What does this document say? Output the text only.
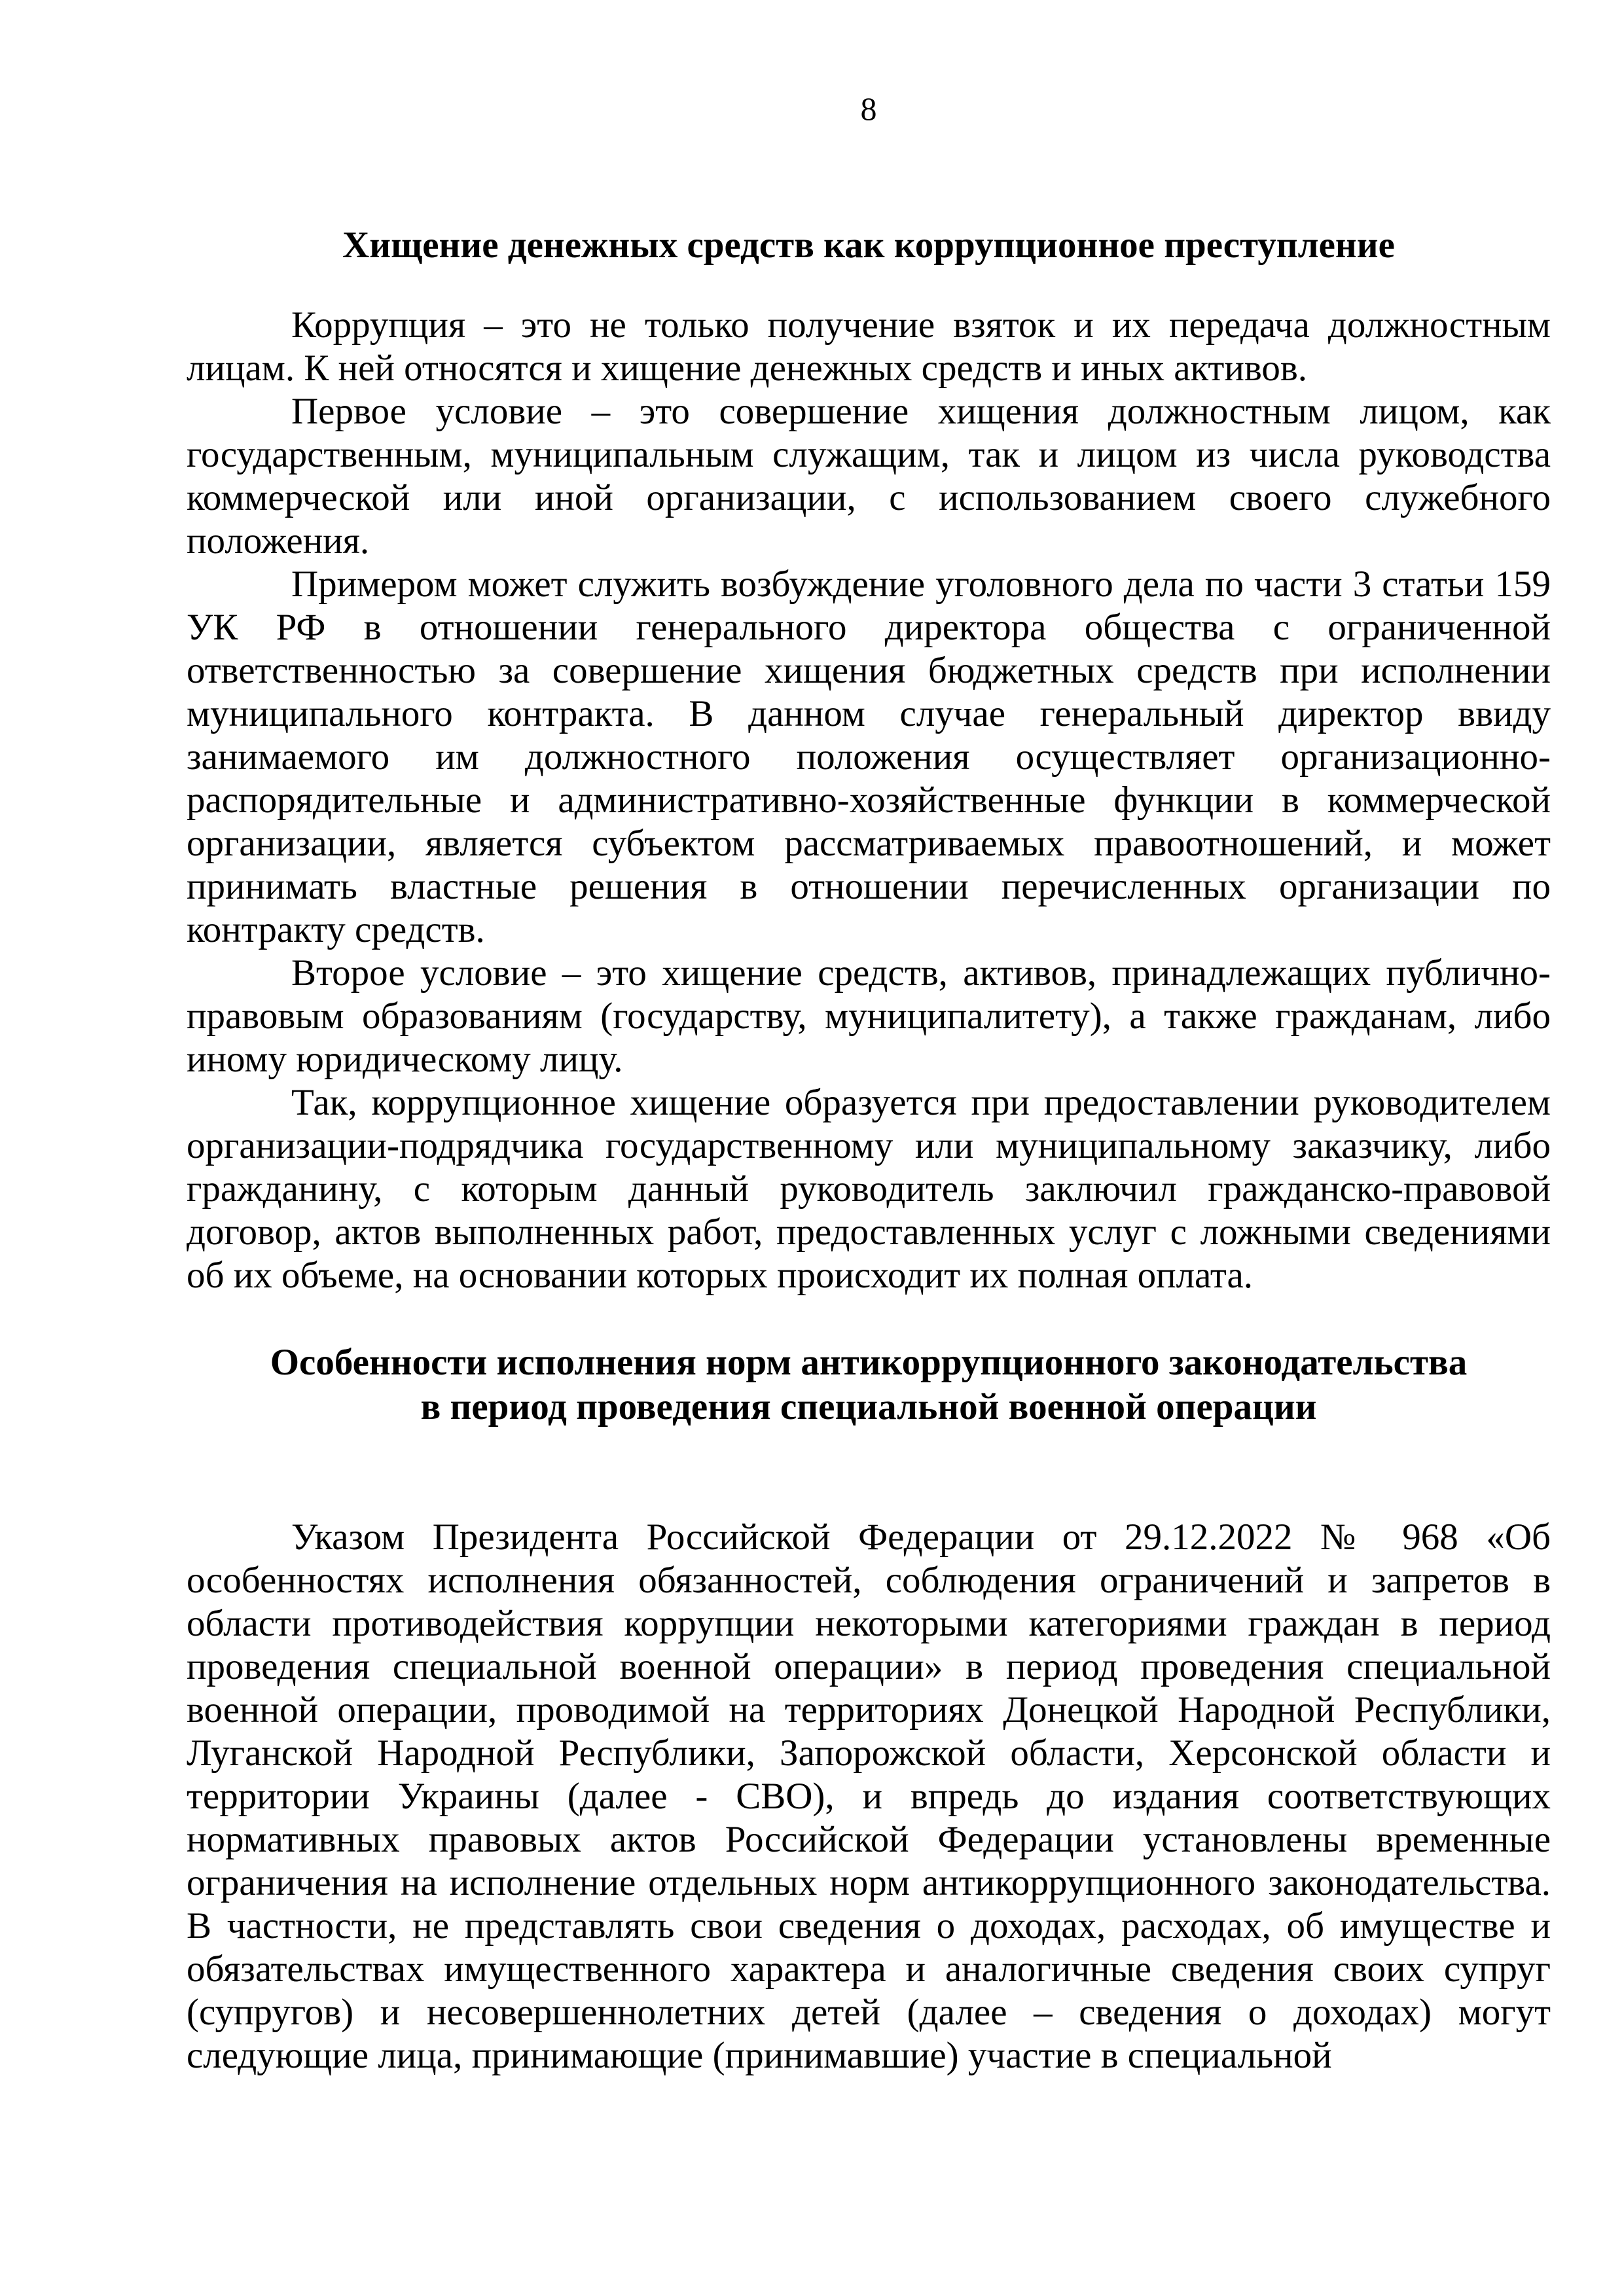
8
Хищение денежных средств как коррупционное преступление

Коррупция – это не только получение взяток и их передача должностным лицам. К ней относятся и хищение денежных средств и иных активов.

Первое условие – это совершение хищения должностным лицом, как государственным, муниципальным служащим, так и лицом из числа руководства коммерческой или иной организации, с использованием своего служебного положения.

Примером может служить возбуждение уголовного дела по части 3 статьи 159 УК РФ в отношении генерального директора общества с ограниченной ответственностью за совершение хищения бюджетных средств при исполнении муниципального контракта. В данном случае генеральный директор ввиду занимаемого им должностного положения осуществляет организационно-распорядительные и административно-хозяйственные функции в коммерческой организации, является субъектом рассматриваемых правоотношений, и может принимать властные решения в отношении перечисленных организации по контракту средств.

Второе условие – это хищение средств, активов, принадлежащих публично-правовым образованиям (государству, муниципалитету), а также гражданам, либо иному юридическому лицу.

Так, коррупционное хищение образуется при предоставлении руководителем организации-подрядчика государственному или муниципальному заказчику, либо гражданину, с которым данный руководитель заключил гражданско-правовой договор, актов выполненных работ, предоставленных услуг с ложными сведениями об их объеме, на основании которых происходит их полная оплата.

Особенности исполнения норм антикоррупционного законодательства
в период проведения специальной военной операции

Указом Президента Российской Федерации от 29.12.2022 № 968 «Об особенностях исполнения обязанностей, соблюдения ограничений и запретов в области противодействия коррупции некоторыми категориями граждан в период проведения специальной военной операции» в период проведения специальной военной операции, проводимой на территориях Донецкой Народной Республики, Луганской Народной Республики, Запорожской области, Херсонской области и территории Украины (далее - СВО), и впредь до издания соответствующих нормативных правовых актов Российской Федерации установлены временные ограничения на исполнение отдельных норм антикоррупционного законодательства. В частности, не представлять свои сведения о доходах, расходах, об имуществе и обязательствах имущественного характера и аналогичные сведения своих супруг (супругов) и несовершеннолетних детей (далее – сведения о доходах) могут следующие лица, принимающие (принимавшие) участие в специальной
